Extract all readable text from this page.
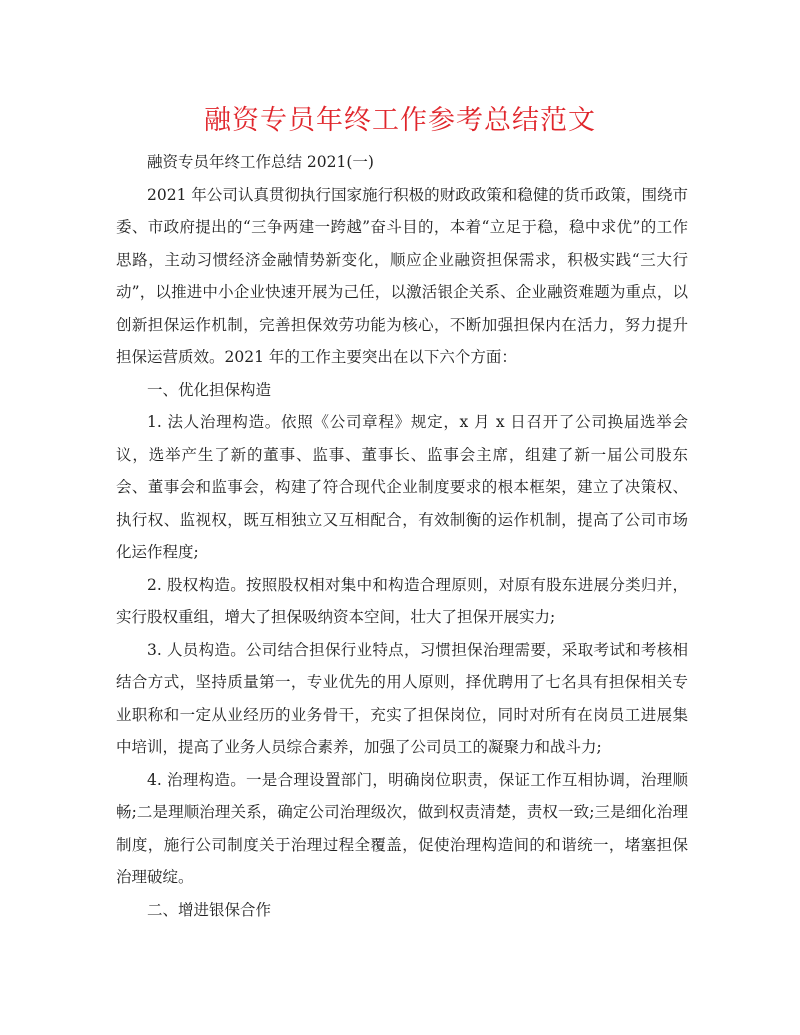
融资专员年终工作参考总结范文

融资专员年终工作总结 2021(一)

2021 年公司认真贯彻执行国家施行积极的财政政策和稳健的货币政策，围绕市委、市政府提出的“三争两建一跨越”奋斗目的，本着“立足于稳，稳中求优”的工作思路，主动习惯经济金融情势新变化，顺应企业融资担保需求，积极实践“三大行动”，以推进中小企业快速开展为己任，以激活银企关系、企业融资难题为重点，以创新担保运作机制，完善担保效劳功能为核心，不断加强担保内在活力，努力提升担保运营质效。2021 年的工作主要突出在以下六个方面：

一、优化担保构造

1. 法人治理构造。依照《公司章程》规定，x 月 x 日召开了公司换届选举会议，选举产生了新的董事、监事、董事长、监事会主席，组建了新一届公司股东会、董事会和监事会，构建了符合现代企业制度要求的根本框架，建立了决策权、执行权、监视权，既互相独立又互相配合，有效制衡的运作机制，提高了公司市场化运作程度;

2. 股权构造。按照股权相对集中和构造合理原则，对原有股东进展分类归并，实行股权重组，增大了担保吸纳资本空间，壮大了担保开展实力;

3. 人员构造。公司结合担保行业特点，习惯担保治理需要，采取考试和考核相结合方式，坚持质量第一，专业优先的用人原则，择优聘用了七名具有担保相关专业职称和一定从业经历的业务骨干，充实了担保岗位，同时对所有在岗员工进展集中培训，提高了业务人员综合素养，加强了公司员工的凝聚力和战斗力;

4. 治理构造。一是合理设置部门，明确岗位职责，保证工作互相协调，治理顺畅;二是理顺治理关系，确定公司治理级次，做到权责清楚，责权一致;三是细化治理制度，施行公司制度关于治理过程全覆盖，促使治理构造间的和谐统一，堵塞担保治理破绽。

二、增进银保合作
